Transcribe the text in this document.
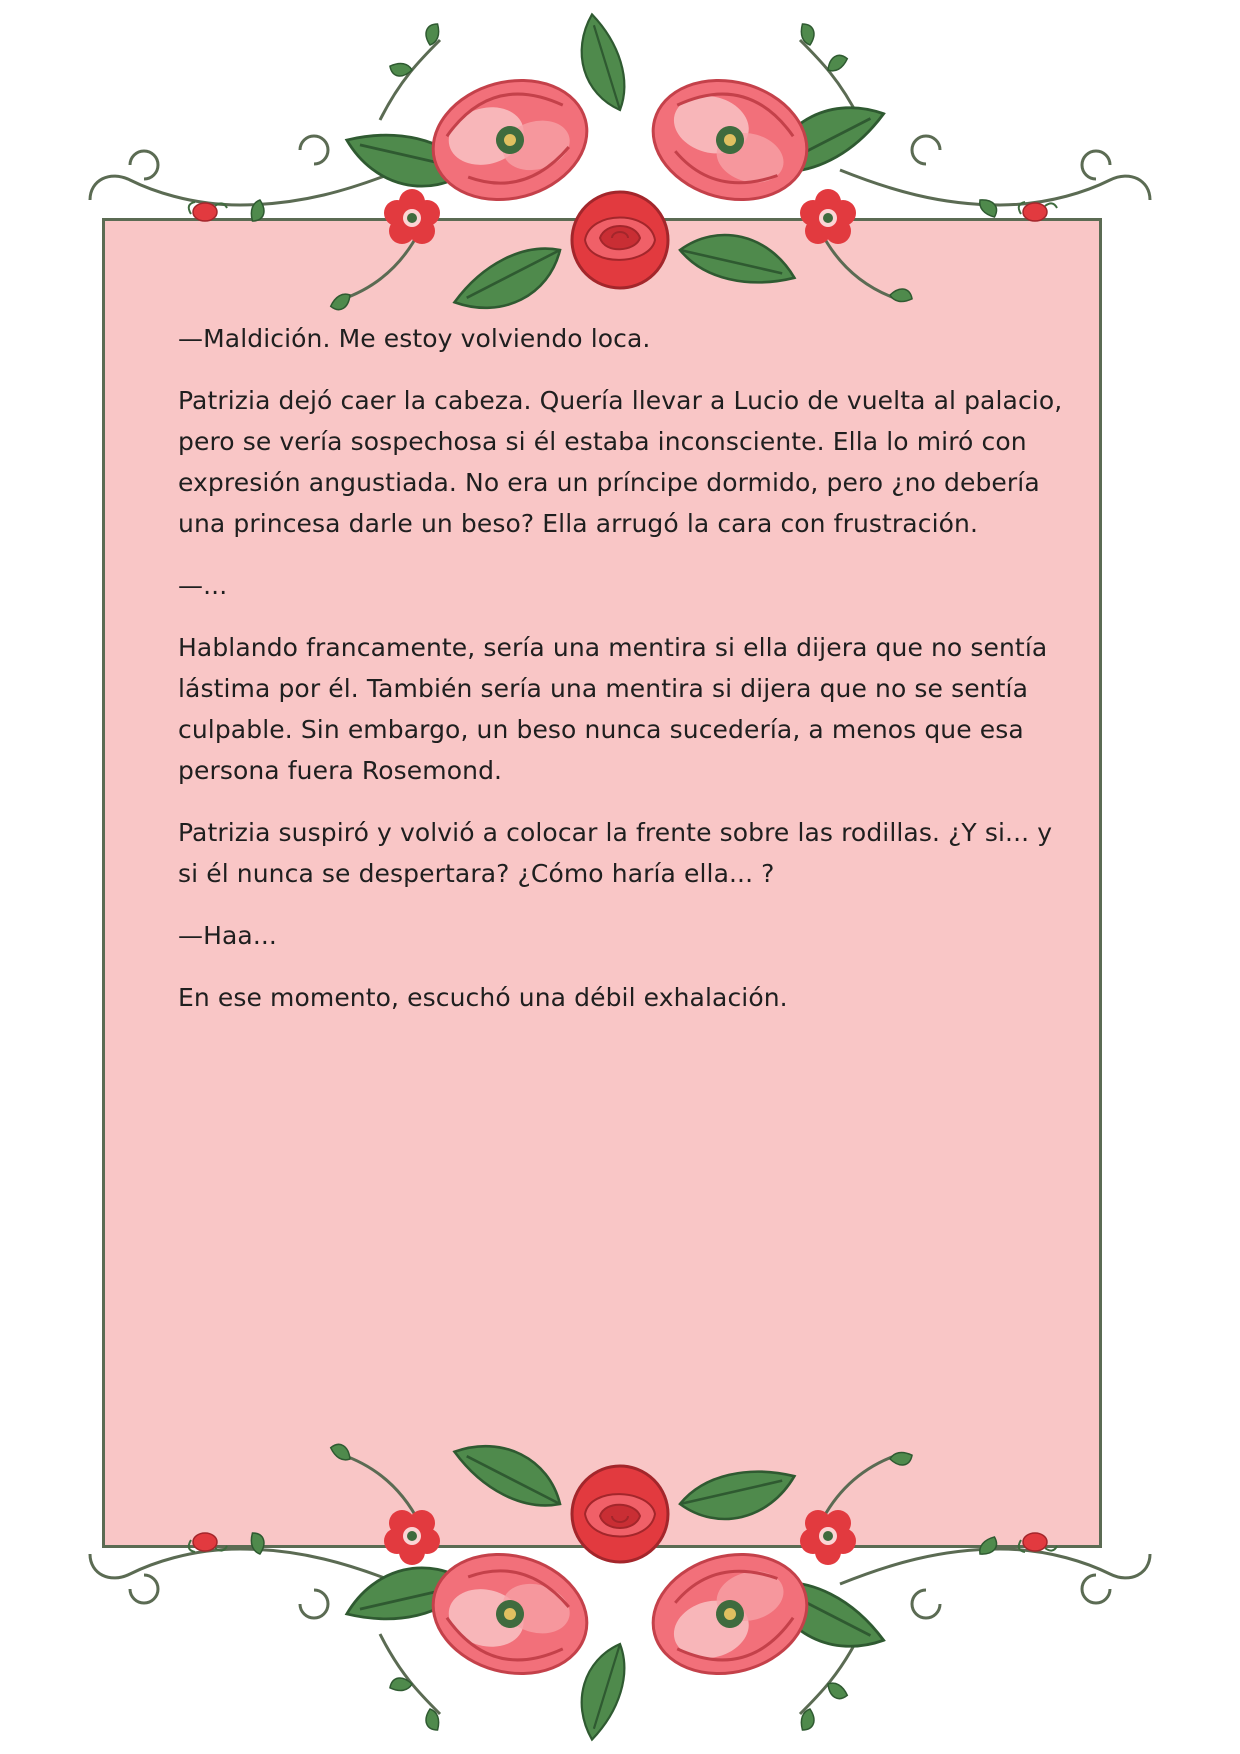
—Maldición. Me estoy volviendo loca.

Patrizia dejó caer la cabeza. Quería llevar a Lucio de vuelta al palacio, pero se vería sospechosa si él estaba inconsciente. Ella lo miró con expresión angustiada. No era un príncipe dormido, pero ¿no debería una princesa darle un beso? Ella arrugó la cara con frustración.

—...

Hablando francamente, sería una mentira si ella dijera que no sentía lástima por él. También sería una mentira si dijera que no se sentía culpable. Sin embargo, un beso nunca sucedería, a menos que esa persona fuera Rosemond.

Patrizia suspiró y volvió a colocar la frente sobre las rodillas. ¿Y si... y si él nunca se despertara? ¿Cómo haría ella... ?

—Haa...

En ese momento, escuchó una débil exhalación.
